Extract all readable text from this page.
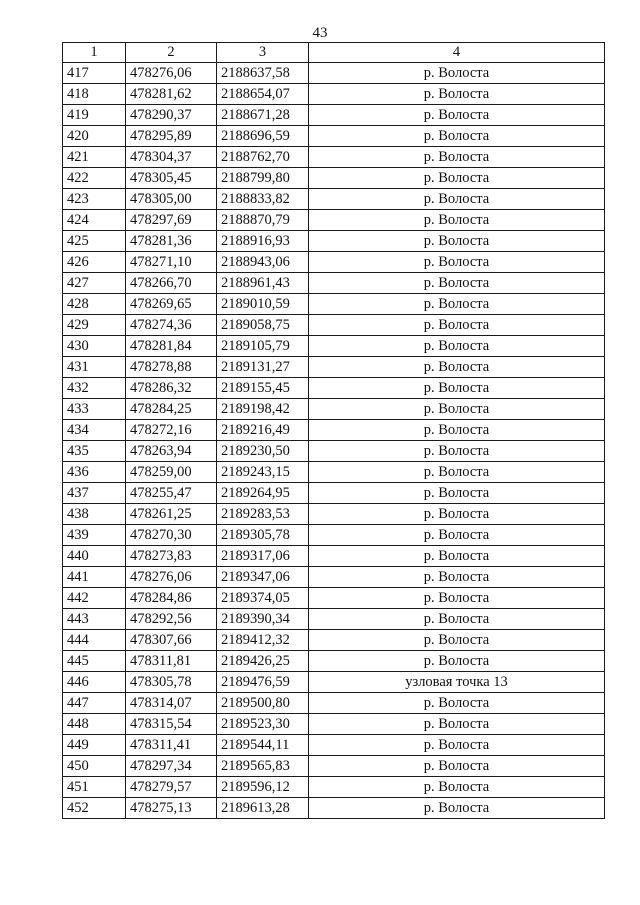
43
1	2	3	4
417	478276,06	2188637,58	р. Волоста
418	478281,62	2188654,07	р. Волоста
419	478290,37	2188671,28	р. Волоста
420	478295,89	2188696,59	р. Волоста
421	478304,37	2188762,70	р. Волоста
422	478305,45	2188799,80	р. Волоста
423	478305,00	2188833,82	р. Волоста
424	478297,69	2188870,79	р. Волоста
425	478281,36	2188916,93	р. Волоста
426	478271,10	2188943,06	р. Волоста
427	478266,70	2188961,43	р. Волоста
428	478269,65	2189010,59	р. Волоста
429	478274,36	2189058,75	р. Волоста
430	478281,84	2189105,79	р. Волоста
431	478278,88	2189131,27	р. Волоста
432	478286,32	2189155,45	р. Волоста
433	478284,25	2189198,42	р. Волоста
434	478272,16	2189216,49	р. Волоста
435	478263,94	2189230,50	р. Волоста
436	478259,00	2189243,15	р. Волоста
437	478255,47	2189264,95	р. Волоста
438	478261,25	2189283,53	р. Волоста
439	478270,30	2189305,78	р. Волоста
440	478273,83	2189317,06	р. Волоста
441	478276,06	2189347,06	р. Волоста
442	478284,86	2189374,05	р. Волоста
443	478292,56	2189390,34	р. Волоста
444	478307,66	2189412,32	р. Волоста
445	478311,81	2189426,25	р. Волоста
446	478305,78	2189476,59	узловая точка 13
447	478314,07	2189500,80	р. Волоста
448	478315,54	2189523,30	р. Волоста
449	478311,41	2189544,11	р. Волоста
450	478297,34	2189565,83	р. Волоста
451	478279,57	2189596,12	р. Волоста
452	478275,13	2189613,28	р. Волоста
